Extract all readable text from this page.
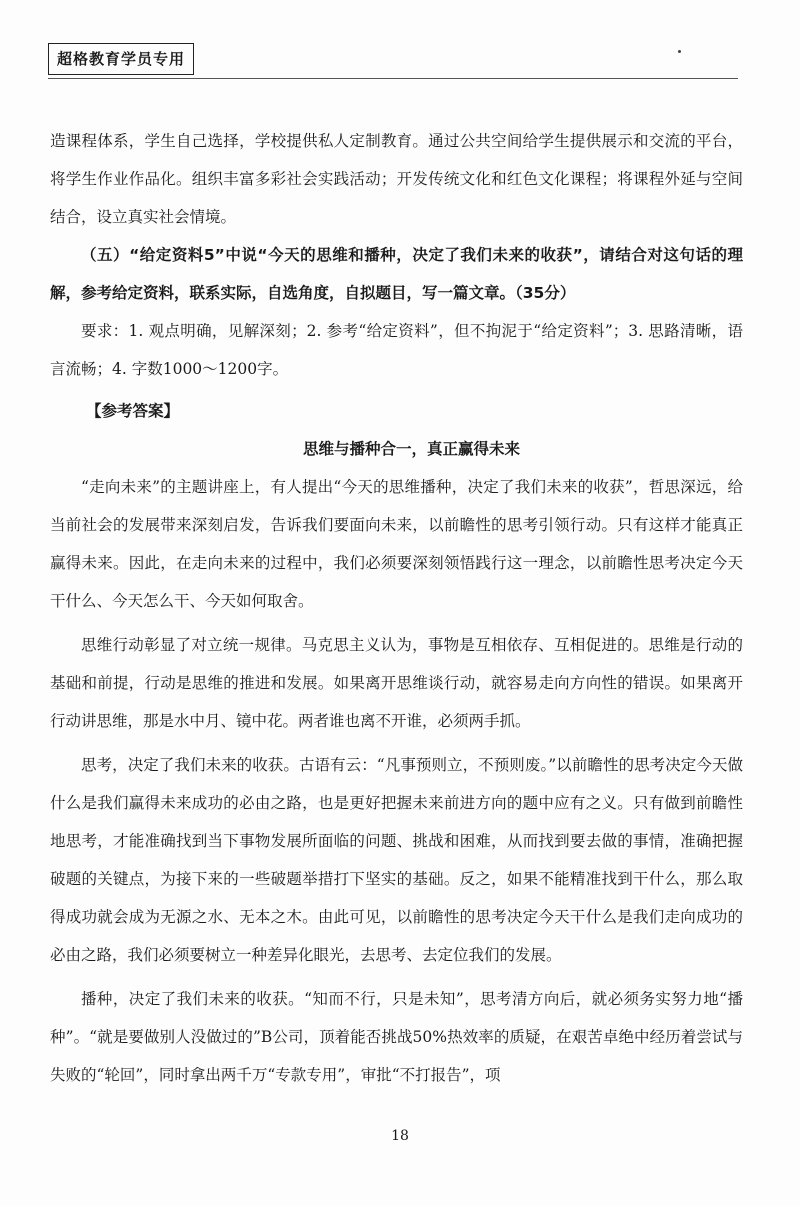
超格教育学员专用

造课程体系，学生自己选择，学校提供私人定制教育。通过公共空间给学生提供展示和交流的平台，将学生作业作品化。组织丰富多彩社会实践活动；开发传统文化和红色文化课程；将课程外延与空间结合，设立真实社会情境。

（五）“给定资料5”中说“今天的思维和播种，决定了我们未来的收获”，请结合对这句话的理解，参考给定资料，联系实际，自选角度，自拟题目，写一篇文章。（35分）

要求：1. 观点明确，见解深刻；2. 参考“给定资料”，但不拘泥于“给定资料”；3. 思路清晰，语言流畅；4. 字数1000～1200字。

【参考答案】

思维与播种合一，真正赢得未来

“走向未来”的主题讲座上，有人提出“今天的思维播种，决定了我们未来的收获”，哲思深远，给当前社会的发展带来深刻启发，告诉我们要面向未来，以前瞻性的思考引领行动。只有这样才能真正赢得未来。因此，在走向未来的过程中，我们必须要深刻领悟践行这一理念，以前瞻性思考决定今天干什么、今天怎么干、今天如何取舍。

思维行动彰显了对立统一规律。马克思主义认为，事物是互相依存、互相促进的。思维是行动的基础和前提，行动是思维的推进和发展。如果离开思维谈行动，就容易走向方向性的错误。如果离开行动讲思维，那是水中月、镜中花。两者谁也离不开谁，必须两手抓。

思考，决定了我们未来的收获。古语有云：“凡事预则立，不预则废。”以前瞻性的思考决定今天做什么是我们赢得未来成功的必由之路，也是更好把握未来前进方向的题中应有之义。只有做到前瞻性地思考，才能准确找到当下事物发展所面临的问题、挑战和困难，从而找到要去做的事情，准确把握破题的关键点，为接下来的一些破题举措打下坚实的基础。反之，如果不能精准找到干什么，那么取得成功就会成为无源之水、无本之木。由此可见，以前瞻性的思考决定今天干什么是我们走向成功的必由之路，我们必须要树立一种差异化眼光，去思考、去定位我们的发展。

播种，决定了我们未来的收获。“知而不行，只是未知”，思考清方向后，就必须务实努力地“播种”。“就是要做别人没做过的”B公司，顶着能否挑战50%热效率的质疑，在艰苦卓绝中经历着尝试与失败的“轮回”，同时拿出两千万“专款专用”，审批“不打报告”，项

18
